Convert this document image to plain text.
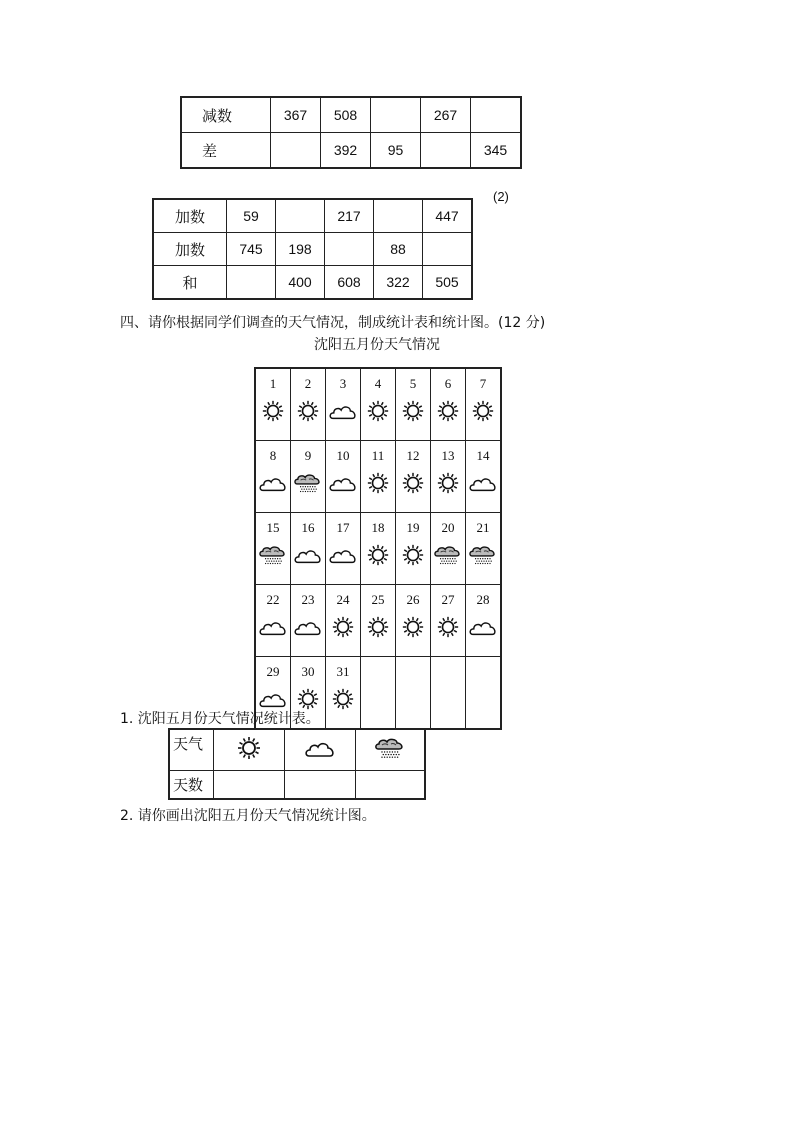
减数	367	508		267	
差		392	95		345
(2)
加数	59		217		447
加数	745	198		88	
和		400	608	322	505
四、请你根据同学们调查的天气情况，制成统计表和统计图。(12 分)
沈阳五月份天气情况
1	2	3	4	5	6	7

8	9	10	11	12	13	14

15	16	17	18	19	20	21

22	23	24	25	26	27	28

29	30	31				

1. 沈阳五月份天气情况统计表。
天气			
天数			
2. 请你画出沈阳五月份天气情况统计图。
